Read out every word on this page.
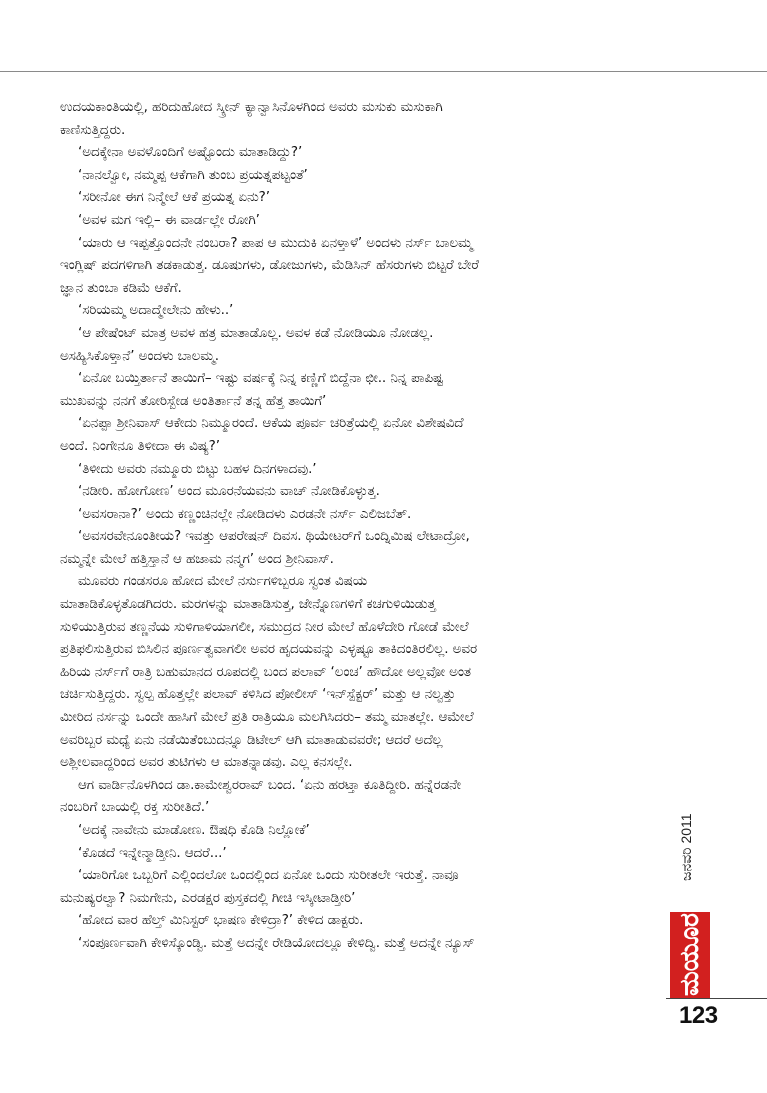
ಉದಯಕಾಂತಿಯಲ್ಲಿ, ಹರಿದುಹೋದ ಸ್ಕ್ರೀನ್ ಕ್ಯಾನ್ವಾಸಿನೊಳಗಿಂದ ಅವರು ಮಸುಕು ಮಸುಕಾಗಿ

ಕಾಣಿಸುತ್ತಿದ್ದರು.

‘ಅದಕ್ಕೇನಾ ಅವಳೊಂದಿಗೆ ಅಷ್ಟೊಂದು ಮಾತಾಡಿದ್ದು?’

‘ನಾನಲ್ವೋ, ನಮ್ಮಪ್ಪ ಆಕೆಗಾಗಿ ತುಂಬ ಪ್ರಯತ್ನಪಟ್ಟಂತೆ’

‘ಸರೀನೋ ಈಗ ನಿನ್ಮೇಲೆ ಆಕೆ ಪ್ರಯತ್ನ ಏನು?’

‘ಅವಳ ಮಗ ಇಲ್ಲಿ– ಈ ವಾರ್ಡಲ್ಲೇ ರೋಗಿ’

‘ಯಾರು ಆ ಇಪ್ಪತ್ತೊಂದನೇ ನಂಬರಾ? ಪಾಪ ಆ ಮುದುಕಿ ಏನಳ್ತಾಳೆ’ ಅಂದಳು ನರ್ಸ್ ಬಾಲಮ್ಮ

ಇಂಗ್ಲಿಷ್ ಪದಗಳಿಗಾಗಿ ತಡಕಾಡುತ್ತ. ಡೂಷುಗಳು, ಡೋಜುಗಳು, ಮೆಡಿಸಿನ್ ಹೆಸರುಗಳು ಬಿಟ್ಟರೆ ಬೇರೆ

ಜ್ಞಾನ ತುಂಬಾ ಕಡಿಮೆ ಆಕೆಗೆ.

‘ಸರಿಯಮ್ಮ ಅದಾದ್ಮೇಲೇನು ಹೇಳು..’

‘ಆ ಪೇಷೆಂಟ್ ಮಾತ್ರ ಅವಳ ಹತ್ರ ಮಾತಾಡೊಲ್ಲ. ಅವಳ ಕಡೆ ನೋಡಿಯೂ ನೋಡಲ್ಲ.

ಅಸಹ್ಯಿಸಿಕೊಳ್ತಾನೆ’ ಅಂದಳು ಬಾಲಮ್ಮ.

‘ಏನೋ ಬಯ್ತಿರ್ತಾನೆ ತಾಯಿಗೆ– ಇಷ್ಟು ವರ್ಷಕ್ಕೆ ನಿನ್ನ ಕಣ್ಣಿಗೆ ಬಿದ್ದೆನಾ ಛೀ.. ನಿನ್ನ ಪಾಪಿಷ್ಟ

ಮುಖವನ್ನು ನನಗೆ ತೋರಿಸ್ಬೇಡ ಅಂತಿರ್ತಾನೆ ತನ್ನ ಹೆತ್ತ ತಾಯಿಗೆ’

‘ಏನಪ್ಪಾ ಶ್ರೀನಿವಾಸ್ ಆಕೇದು ನಿಮ್ಮೂರಂದೆ. ಆಕೆಯ ಪೂರ್ವ ಚರಿತ್ರೆಯಲ್ಲಿ ಏನೋ ವಿಶೇಷವಿದೆ

ಅಂದೆ. ನಿಂಗೇನೂ ತಿಳೀದಾ ಈ ವಿಷ್ಯ?’

‘ತಿಳೀದು ಅವರು ನಮ್ಮೂರು ಬಿಟ್ಟು ಬಹಳ ದಿನಗಳಾದವು.’

‘ನಡೀರಿ. ಹೋಗೋಣ’ ಅಂದ ಮೂರನೆಯವನು ವಾಚ್ ನೋಡಿಕೊಳ್ಳುತ್ತ.

‘ಅವಸರಾನಾ?’ ಅಂದು ಕಣ್ಣಂಚಿನಲ್ಲೇ ನೋಡಿದಳು ಎರಡನೇ ನರ್ಸ್ ಎಲಿಜಬೆತ್.

‘ಅವಸರವೇನೂಂತೀಯ? ಇವತ್ತು ಆಪರೇಷನ್ ದಿವಸ. ಥಿಯೇಟರ್‌ಗೆ ಒಂದ್ನಿಮಿಷ ಲೇಟಾದ್ರೋ,

ನಮ್ಮನ್ನೇ ಮೇಲೆ ಹತ್ತಿಸ್ತಾನೆ ಆ ಹಜಾಮ ನನ್ಮಗ’ ಅಂದ ಶ್ರೀನಿವಾಸ್.

ಮೂವರು ಗಂಡಸರೂ ಹೋದ ಮೇಲೆ ನರ್ಸುಗಳಿಬ್ಬರೂ ಸ್ವಂತ ವಿಷಯ

ಮಾತಾಡಿಕೊಳ್ಳತೊಡಗಿದರು. ಮರಗಳನ್ನು ಮಾತಾಡಿಸುತ್ತ, ಜೇನ್ನೊಣಗಳಿಗೆ ಕಚಗುಳಿಯಿಡುತ್ತ

ಸುಳಿಯುತ್ತಿರುವ ತಣ್ಣನೆಯ ಸುಳಿಗಾಳಿಯಾಗಲೀ, ಸಮುದ್ರದ ನೀರ ಮೇಲೆ ಹೊಳೆದೇರಿ ಗೋಡೆ ಮೇಲೆ

ಪ್ರತಿಫಲಿಸುತ್ತಿರುವ ಬಿಸಿಲಿನ ಪೂರ್ಣತ್ವವಾಗಲೀ ಅವರ ಹೃದಯವನ್ನು ಎಳ್ಳಷ್ಟೂ ತಾಕಿದಂತಿರಲಿಲ್ಲ. ಅವರ

ಹಿರಿಯ ನರ್ಸ್‌ಗೆ ರಾತ್ರಿ ಬಹುಮಾನದ ರೂಪದಲ್ಲಿ ಬಂದ ಪಲಾವ್ ‘ಲಂಚ’ ಹೌದೋ ಅಲ್ಲವೋ ಅಂತ

ಚರ್ಚಿಸುತ್ತಿದ್ದರು. ಸ್ವಲ್ಪ ಹೊತ್ತಲ್ಲೇ ಪಲಾವ್ ಕಳಿಸಿದ ಪೋಲೀಸ್ ‘ಇನ್‌ಸ್ಪೆಕ್ಟರ್’ ಮತ್ತು ಆ ನಲ್ವತ್ತು

ಮೀರಿದ ನರ್ಸನ್ನು ಒಂದೇ ಹಾಸಿಗೆ ಮೇಲೆ ಪ್ರತಿ ರಾತ್ರಿಯೂ ಮಲಗಿಸಿದರು– ತಮ್ಮ ಮಾತಲ್ಲೇ. ಆಮೇಲೆ

ಅವರಿಬ್ಬರ ಮಧ್ಯೆ ಏನು ನಡೆಯಿತೆಂಬುದನ್ನೂ ಡಿಟೇಲ್ ಆಗಿ ಮಾತಾಡುವವರೇ; ಆದರೆ ಅದೆಲ್ಲ

ಅಶ್ಲೀಲವಾದ್ದರಿಂದ ಅವರ ತುಟಿಗಳು ಆ ಮಾತನ್ನಾಡವು. ಎಲ್ಲ ಕನಸಲ್ಲೇ.

ಆಗ ವಾರ್ಡಿನೊಳಗಿಂದ ಡಾ.ಕಾಮೇಶ್ವರರಾವ್ ಬಂದ. ‘ಏನು ಹರಟ್ತಾ ಕೂತಿದ್ದೀರಿ. ಹನ್ನೆರಡನೇ

ನಂಬರಿಗೆ ಬಾಯಲ್ಲಿ ರಕ್ತ ಸುರೀತಿದೆ.’

‘ಅದಕ್ಕೆ ನಾವೇನು ಮಾಡೋಣ. ಔಷಧಿ ಕೊಡಿ ನಿಲ್ಲೋಕೆ’

‘ಕೊಡದೆ ಇನ್ನೇನ್ಮಾಡ್ತೀನಿ. ಆದರೆ...’

‘ಯಾರಿಗೋ ಒಬ್ಬರಿಗೆ ಎಲ್ಲಿಂದಲೋ ಒಂದಲ್ಲಿಂದ ಏನೋ ಒಂದು ಸುರೀತಲೇ ಇರುತ್ತೆ. ನಾವೂ

ಮನುಷ್ಯರಲ್ವಾ? ನಿಮಗೇನು, ಎರಡಕ್ಷರ ಪುಸ್ತಕದಲ್ಲಿ ಗೀಚಿ ಇಸ್ಕೀಟಾಡ್ತೀರಿ’

‘ಹೋದ ವಾರ ಹೆಲ್ತ್ ಮಿನಿಸ್ಟರ್ ಭಾಷಣ ಕೇಳಿದ್ರಾ?’ ಕೇಳಿದ ಡಾಕ್ಟರು.

‘ಸಂಪೂರ್ಣವಾಗಿ ಕೇಳಿಸ್ಕೊಂಡ್ವಿ. ಮತ್ತೆ ಅದನ್ನೇ ರೇಡಿಯೋದಲ್ಲೂ ಕೇಳಿದ್ವಿ. ಮತ್ತೆ ಅದನ್ನೇ ನ್ಯೂಸ್

ಜನವರಿ 2011
ಮಯೂರ
123
